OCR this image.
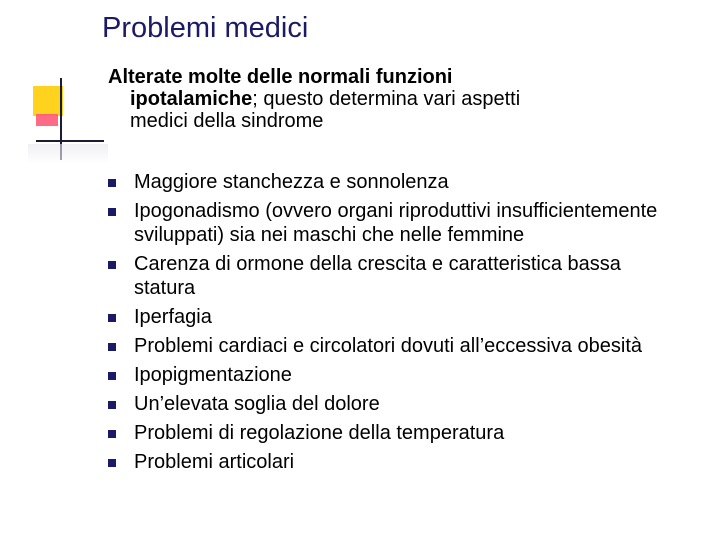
Problemi medici

Alterate molte delle normali funzioni
ipotalamiche; questo determina vari aspetti
medici della sindrome

Maggiore stanchezza e sonnolenza
Ipogonadismo (ovvero organi riproduttivi insufficientemente sviluppati) sia nei maschi che nelle femmine
Carenza di ormone della crescita e caratteristica bassa statura
Iperfagia
Problemi cardiaci e circolatori dovuti all’eccessiva obesità
Ipopigmentazione
Un’elevata soglia del dolore
Problemi di regolazione della temperatura
Problemi articolari
